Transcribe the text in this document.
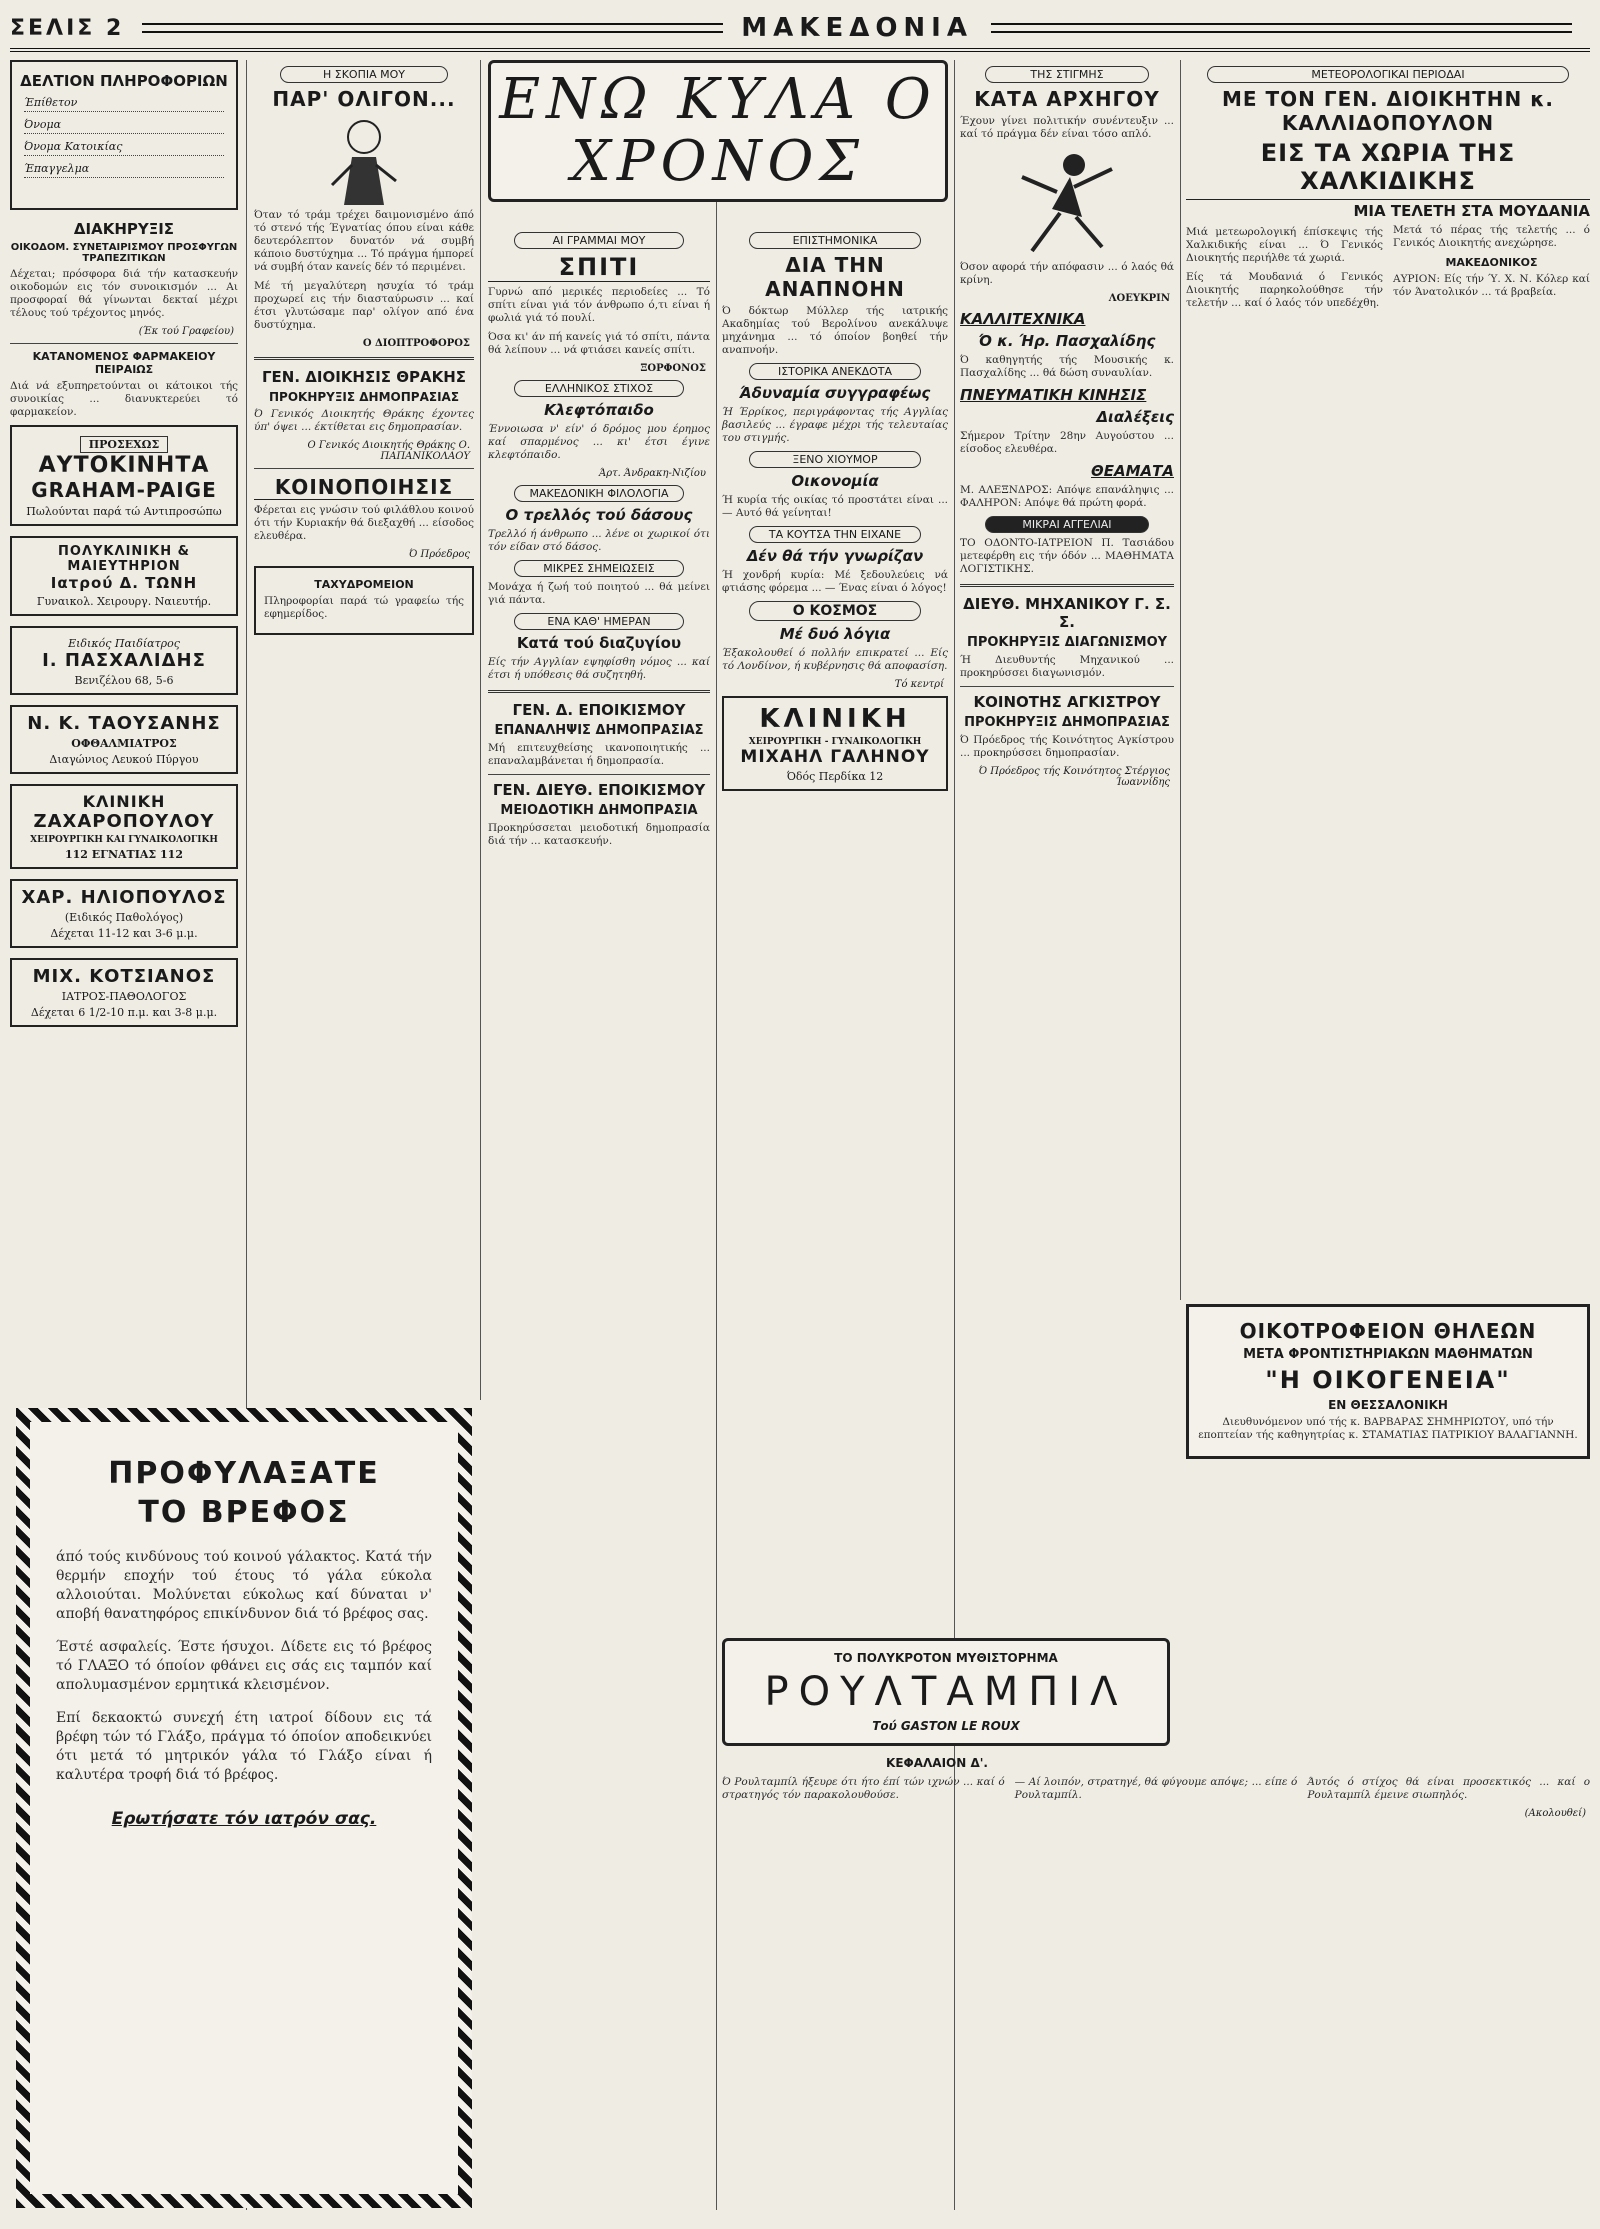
ΣΕΛΙΣ 2	ΜΑΚΕΔΟΝΙΑ
ΔΕΛΤΙΟΝ ΠΛΗΡΟΦΟΡΙΩΝ
Έπίθετον
Όνομα
Όνομα Κατοικίας
Έπαγγελμα
ΔΙΑΚΗΡΥΞΙΣ
ΟΙΚΟΔΟΜ. ΣΥΝΕΤΑΙΡΙΣΜΟΥ ΠΡΟΣΦΥΓΩΝ ΤΡΑΠΕΖΙΤΙΚΩΝ

Δέχεται; πρόσφορα διά τήν κατασκευήν οικοδομών εις τόν συνοικισμόν ... Αι προσφοραί θά γίνωνται δεκταί μέχρι τέλους τού τρέχοντος μηνός.

(Έκ τού Γραφείου)
ΚΑΤΑΝΟΜΕΝΟΣ ΦΑΡΜΑΚΕΙΟΥ ΠΕΙΡΑΙΩΣ

Διά νά εξυπηρετούνται οι κάτοικοι τής συνοικίας ... διανυκτερεύει τό φαρμακείον.

ΠΡΟΣΕΧΩΣ
ΑΥΤΟΚΙΝΗΤΑ
GRAHAM-PAIGE
Πωλούνται παρά τώ Αντιπροσώπω
ΠΟΛΥΚΛΙΝΙΚΗ & ΜΑΙΕΥΤΗΡΙΟΝ
Ιατρού Δ. ΤΩΝΗ
Γυναικολ. Χειρουργ. Ναιευτήρ.
Ειδικός Παιδίατρος
Ι. ΠΑΣΧΑΛΙΔΗΣ
Βενιζέλου 68, 5-6
Ν. Κ. ΤΑΟΥΣΑΝΗΣ
ΟΦΘΑΛΜΙΑΤΡΟΣ
Διαγώνιος Λευκού Πύργου
ΚΛΙΝΙΚΗ
ΖΑΧΑΡΟΠΟΥΛΟΥ
ΧΕΙΡΟΥΡΓΙΚΗ ΚΑΙ ΓΥΝΑΙΚΟΛΟΓΙΚΗ
112 ΕΓΝΑΤΙΑΣ 112
ΧΑΡ. ΗΛΙΟΠΟΥΛΟΣ
(Ειδικός Παθολόγος)
Δέχεται 11-12 και 3-6 μ.μ.
ΜΙΧ. ΚΟΤΣΙΑΝΟΣ
ΙΑΤΡΟΣ-ΠΑΘΟΛΟΓΟΣ
Δέχεται 6 1/2-10 π.μ. και 3-8 μ.μ.
Η ΣΚΟΠΙΑ ΜΟΥ
ΠΑΡ' ΟΛΙΓΟΝ...

Όταν τό τράμ τρέχει δαιμονισμένο άπό τό στενό τής Έγνατίας όπου είναι κάθε δευτερόλεπτον δυνατόν νά συμβή κάποιο δυστύχημα ... Τό πράγμα ήμπορεί νά συμβή όταν κανείς δέν τό περιμένει.

Μέ τή μεγαλύτερη ησυχία τό τράμ προχωρεί εις τήν διασταύρωσιν ... καί έτσι γλυτώσαμε παρ' ολίγον από ένα δυστύχημα.

Ο ΔΙΟΠΤΡΟΦΟΡΟΣ
ΓΕΝ. ΔΙΟΙΚΗΣΙΣ ΘΡΑΚΗΣ
ΠΡΟΚΗΡΥΞΙΣ ΔΗΜΟΠΡΑΣΙΑΣ

Ό Γενικός Διοικητής Θράκης έχοντες ύπ' όψει ... έκτίθεται εις δημοπρασίαν.

Ο Γενικός Διοικητής Θράκης Ο. ΠΑΠΑΝΙΚΟΛΑΟΥ
ΚΟΙΝΟΠΟΙΗΣΙΣ

Φέρεται εις γνώσιν τού φιλάθλου κοινού ότι τήν Κυριακήν θά διεξαχθή ... είσοδος ελευθέρα.

Ό Πρόεδρος
ΤΑΧΥΔΡΟΜΕΙΟΝ

Πληροφορίαι παρά τώ γραφείω τής εφημερίδος.

ΕΝΩ ΚΥΛΑ Ο ΧΡΟΝΟΣ
ΑΙ ΓΡΑΜΜΑΙ ΜΟΥ
ΣΠΙΤΙ

Γυρνώ από μερικές περιοδείες ... Τό σπίτι είναι γιά τόν άνθρωπο ό,τι είναι ή φωλιά γιά τό πουλί.

Όσα κι' άν πή κανείς γιά τό σπίτι, πάντα θά λείπουν ... νά φτιάσει κανείς σπίτι.

ΞΟΡΦΟΝΟΣ
ΕΛΛΗΝΙΚΟΣ ΣΤΙΧΟΣ
Κλεφτόπαιδο

Έννοιωσα ν' είν' ό δρόμος μου έρημος καί σπαρμένος ... κι' έτσι έγινε κλεφτόπαιδο.

Άρτ. Άνδρακη-Νιζίου
ΜΑΚΕΔΟΝΙΚΗ ΦΙΛΟΛΟΓΙΑ
Ο τρελλός τού δάσους

Τρελλό ή άνθρωπο ... λένε οι χωρικοί ότι τόν είδαν στό δάσος.

ΜΙΚΡΕΣ ΣΗΜΕΙΩΣΕΙΣ

Μονάχα ή ζωή τού ποιητού ... θά μείνει γιά πάντα.

ΕΝΑ ΚΑΘ' ΗΜΕΡΑΝ
Κατά τού διαζυγίου

Είς τήν Αγγλίαν εψηφίσθη νόμος ... καί έτσι ή υπόθεσις θά συζητηθή.

ΓΕΝ. Δ. ΕΠΟΙΚΙΣΜΟΥ
ΕΠΑΝΑΛΗΨΙΣ ΔΗΜΟΠΡΑΣΙΑΣ

Μή επιτευχθείσης ικανοποιητικής ... επαναλαμβάνεται ή δημοπρασία.

ΓΕΝ. ΔΙΕΥΘ. ΕΠΟΙΚΙΣΜΟΥ
ΜΕΙΟΔΟΤΙΚΗ ΔΗΜΟΠΡΑΣΙΑ

Προκηρύσσεται μειοδοτική δημοπρασία διά τήν ... κατασκευήν.

ΕΠΙΣΤΗΜΟΝΙΚΑ
ΔΙΑ ΤΗΝ ΑΝΑΠΝΟΗΝ

Ό δόκτωρ Μύλλερ τής ιατρικής Ακαδημίας τού Βερολίνου ανεκάλυψε μηχάνημα ... τό όποίον βοηθεί τήν αναπνοήν.

ΙΣΤΟΡΙΚΑ ΑΝΕΚΔΟΤΑ
Άδυναμία συγγραφέως

Ή Έρρίκος, περιγράφοντας τής Αγγλίας βασιλεύς ... έγραφε μέχρι τής τελευταίας του στιγμής.

ΞΕΝΟ ΧΙΟΥΜΟΡ
Οικονομία

Ή κυρία τής οικίας τό προστάτει είναι ... — Αυτό θά γείνηται!

ΤΑ ΚΟΥΤΣΑ ΤΗΝ ΕΙΧΑΝΕ
Δέν θά τήν γνωρίζαν

Ή χονδρή κυρία: Μέ ξεδουλεύεις νά φτιάσης φόρεμα ... — Ένας είναι ό λόγος!

Ο ΚΟΣΜΟΣ
Μέ δυό λόγια

Έξακολουθεί ό πολλήν επικρατεί ... Είς τό Λονδίνον, ή κυβέρνησις θά αποφασίση.

Τό κεντρί
ΚΛΙΝΙΚΗ
ΧΕΙΡΟΥΡΓΙΚΗ - ΓΥΝΑΙΚΟΛΟΓΙΚΗ
ΜΙΧΑΗΛ ΓΑΛΗΝΟΥ
Όδός Περδίκα 12
ΤΗΣ ΣΤΙΓΜΗΣ
ΚΑΤΑ ΑΡΧΗΓΟΥ

Έχουν γίνει πολιτικήν συνέντευξιν ... καί τό πράγμα δέν είναι τόσο απλό.

Όσον αφορά τήν απόφασιν ... ό λαός θά κρίνη.

ΛΟΕΥΚΡΙΝ
ΚΑΛΛΙΤΕΧΝΙΚΑ
Ό κ. Ήρ. Πασχαλίδης

Ό καθηγητής τής Μουσικής κ. Πασχαλίδης ... θά δώση συναυλίαν.

ΠΝΕΥΜΑΤΙΚΗ ΚΙΝΗΣΙΣ
Διαλέξεις

Σήμερον Τρίτην 28ην Αυγούστου ... είσοδος ελευθέρα.

ΘΕΑΜΑΤΑ

Μ. ΑΛΕΞΝΔΡΟΣ: Απόψε επανάληψις ... ΦΑΛΗΡΟΝ: Απόψε θά πρώτη φορά.

ΜΙΚΡΑΙ ΑΓΓΕΛΙΑΙ

ΤΟ ΟΔΟΝΤΟ-ΙΑΤΡΕΙΟΝ Π. Τασιάδου μετεφέρθη εις τήν όδόν ... ΜΑΘΗΜΑΤΑ ΛΟΓΙΣΤΙΚΗΣ.

ΔΙΕΥΘ. ΜΗΧΑΝΙΚΟΥ Γ. Σ. Σ.
ΠΡΟΚΗΡΥΞΙΣ ΔΙΑΓΩΝΙΣΜΟΥ

Ή Διευθυντής Μηχανικού ... προκηρύσσει διαγωνισμόν.

ΚΟΙΝΟΤΗΣ ΑΓΚΙΣΤΡΟΥ
ΠΡΟΚΗΡΥΞΙΣ ΔΗΜΟΠΡΑΣΙΑΣ

Ό Πρόεδρος τής Κοινότητος Αγκίστρου ... προκηρύσσει δημοπρασίαν.

Ό Πρόεδρος τής Κοινότητος Στέργιος Ίωαννίδης
ΜΕΤΕΟΡΟΛΟΓΙΚΑΙ ΠΕΡΙΟΔΑΙ
ΜΕ ΤΟΝ ΓΕΝ. ΔΙΟΙΚΗΤΗΝ κ. ΚΑΛΛΙΔΟΠΟΥΛΟΝ
ΕΙΣ ΤΑ ΧΩΡΙΑ ΤΗΣ ΧΑΛΚΙΔΙΚΗΣ
ΜΙΑ ΤΕΛΕΤΗ ΣΤΑ ΜΟΥΔΑΝΙΑ

Μιά μετεωρολογική έπίσκεψις τής Χαλκιδικής είναι ... Ό Γενικός Διοικητής περιήλθε τά χωριά.

Είς τά Μουδανιά ό Γενικός Διοικητής παρηκολούθησε τήν τελετήν ... καί ό λαός τόν υπεδέχθη.

Μετά τό πέρας τής τελετής ... ό Γενικός Διοικητής ανεχώρησε.

ΜΑΚΕΔΟΝΙΚΟΣ

ΑΥΡΙΟΝ: Είς τήν Ύ. Χ. Ν. Κόλερ καί τόν Άνατολικόν ... τά βραβεία.

ΟΙΚΟΤΡΟΦΕΙΟΝ ΘΗΛΕΩΝ
ΜΕΤΑ ΦΡΟΝΤΙΣΤΗΡΙΑΚΩΝ ΜΑΘΗΜΑΤΩΝ
"Η ΟΙΚΟΓΕΝΕΙΑ"
ΕΝ ΘΕΣΣΑΛΟΝΙΚΗ

Διευθυνόμενον υπό τής κ. ΒΑΡΒΑΡΑΣ ΣΗΜΗΡΙΩΤΟΥ, υπό τήν εποπτείαν τής καθηγητρίας κ. ΣΤΑΜΑΤΙΑΣ ΠΑΤΡΙΚΙΟΥ ΒΑΛΑΓΙΑΝΝΗ.

ΠΡΟΦΥΛΑΞΑΤΕ
ΤΟ ΒΡΕΦΟΣ

άπό τούς κινδύνους τού κοινού γάλακτος. Κατά τήν θερμήν εποχήν τού έτους τό γάλα εύκολα αλλοιούται. Μολύνεται εύκολως καί δύναται ν' αποβή θανατηφόρος επικίνδυνον διά τό βρέφος σας.

Έστέ ασφαλείς. Έστε ήσυχοι. Δίδετε εις τό βρέφος τό ΓΛΑΞΟ τό όποίον φθάνει εις σάς εις ταμπόν καί απολυμασμένον ερμητικά κλεισμένον.

Επί δεκαοκτώ συνεχή έτη ιατροί δίδουν εις τά βρέφη τών τό Γλάξο, πράγμα τό όποίον αποδεικνύει ότι μετά τό μητρικόν γάλα τό Γλάξο είναι ή καλυτέρα τροφή διά τό βρέφος.

Ερωτήσατε τόν ιατρόν σας.
ΤΟ ΠΟΛΥΚΡΟΤΟΝ ΜΥΘΙΣΤΟΡΗΜΑ
ΡΟΥΛΤΑΜΠΙΛ
Τού GASTON LE ROUX
ΚΕΦΑΛΑΙΟΝ Δ'.

Ό Ρουλταμπίλ ήξευρε ότι ήτο έπί τών ιχνών ... καί ό στρατηγός τόν παρακολουθούσε.

— Αί λοιπόν, στρατηγέ, θά φύγουμε απόψε; ... είπε ό Ρουλταμπίλ.

Άυτός ό στίχος θά είναι προσεκτικός ... καί ο Ρουλταμπίλ έμεινε σιωπηλός.

(Ακολουθεί)
